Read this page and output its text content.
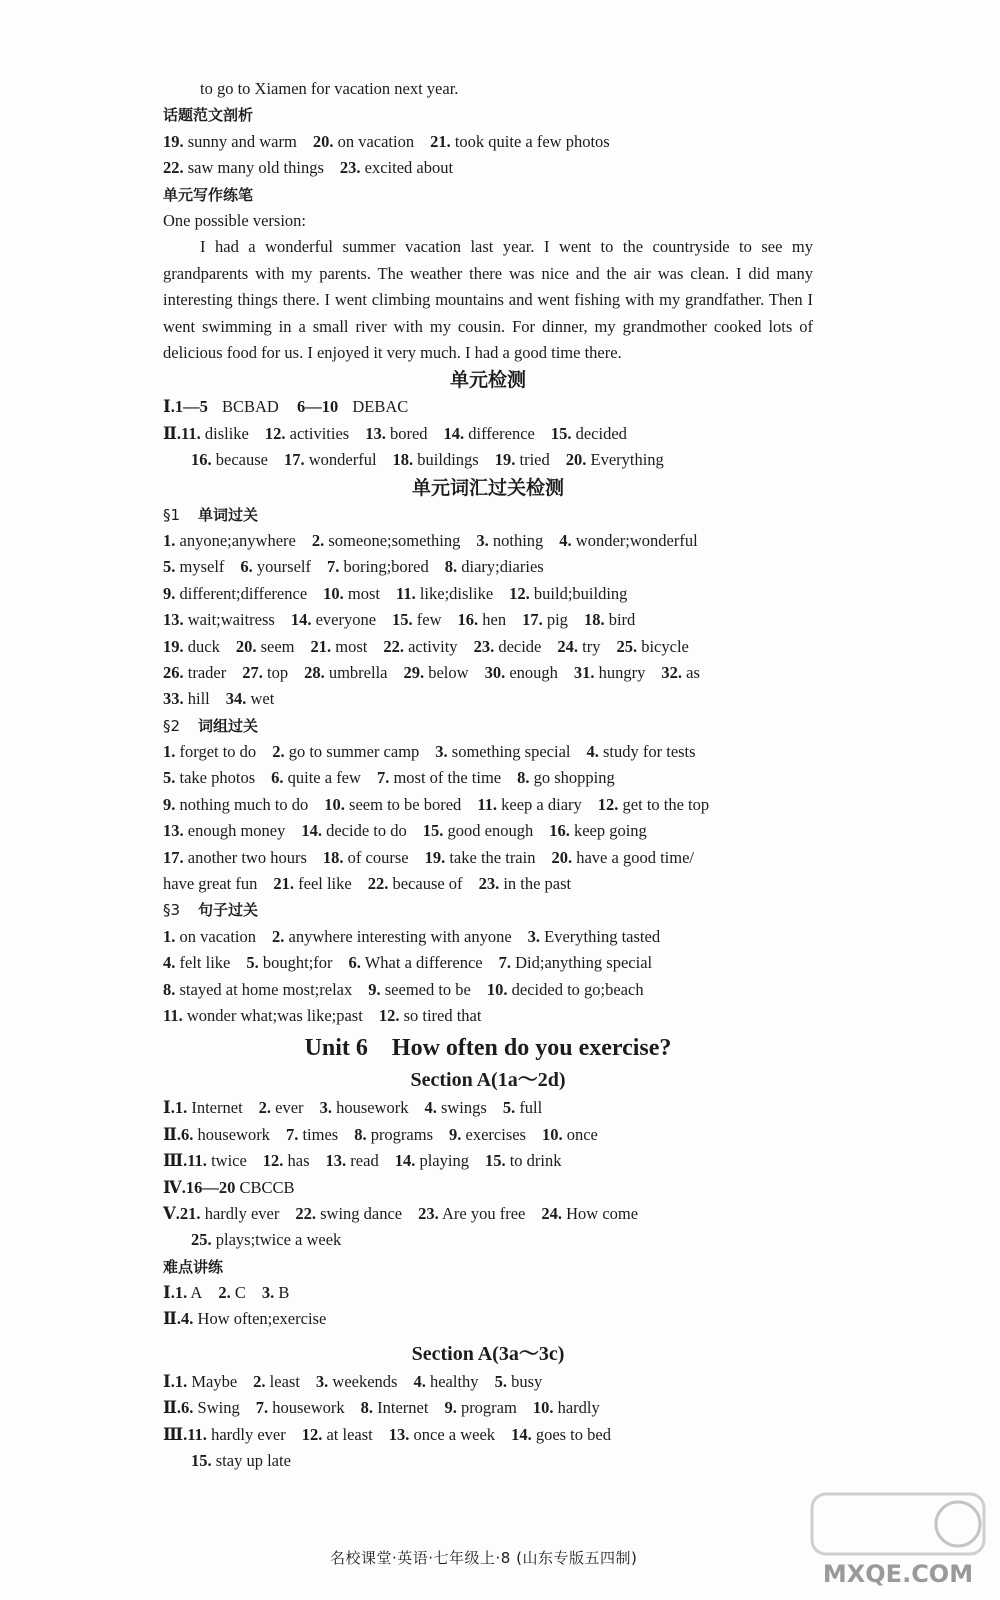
to go to Xiamen for vacation next year.
话题范文剖析
19. sunny and warm 20. on vacation 21. took quite a few photos
22. saw many old things 23. excited about
单元写作练笔
One possible version:

I had a wonderful summer vacation last year. I went to the countryside to see my grandparents with my parents. The weather there was nice and the air was clean. I did many interesting things there. I went climbing mountains and went fishing with my grandfather. Then I went swimming in a small river with my cousin. For dinner, my grandmother cooked lots of delicious food for us. I enjoyed it very much. I had a good time there.

单元检测
Ⅰ.1—5 BCBAD 6—10 DEBAC
Ⅱ.11. dislike 12. activities 13. bored 14. difference 15. decided
16. because 17. wonderful 18. buildings 19. tried 20. Everything
单元词汇过关检测
§1 单词过关
1. anyone;anywhere 2. someone;something 3. nothing 4. wonder;wonderful
5. myself 6. yourself 7. boring;bored 8. diary;diaries
9. different;difference 10. most 11. like;dislike 12. build;building
13. wait;waitress 14. everyone 15. few 16. hen 17. pig 18. bird
19. duck 20. seem 21. most 22. activity 23. decide 24. try 25. bicycle
26. trader 27. top 28. umbrella 29. below 30. enough 31. hungry 32. as
33. hill 34. wet
§2 词组过关
1. forget to do 2. go to summer camp 3. something special 4. study for tests
5. take photos 6. quite a few 7. most of the time 8. go shopping
9. nothing much to do 10. seem to be bored 11. keep a diary 12. get to the top
13. enough money 14. decide to do 15. good enough 16. keep going
17. another two hours 18. of course 19. take the train 20. have a good time/
have great fun 21. feel like 22. because of 23. in the past
§3 句子过关
1. on vacation 2. anywhere interesting with anyone 3. Everything tasted
4. felt like 5. bought;for 6. What a difference 7. Did;anything special
8. stayed at home most;relax 9. seemed to be 10. decided to go;beach
11. wonder what;was like;past 12. so tired that
Unit 6    How often do you exercise?
Section A(1a～2d)
Ⅰ.1. Internet 2. ever 3. housework 4. swings 5. full
Ⅱ.6. housework 7. times 8. programs 9. exercises 10. once
Ⅲ.11. twice 12. has 13. read 14. playing 15. to drink
Ⅳ.16—20 CBCCB
Ⅴ.21. hardly ever 22. swing dance 23. Are you free 24. How come
25. plays;twice a week
难点讲练
Ⅰ.1. A 2. C 3. B
Ⅱ.4. How often;exercise
Section A(3a～3c)
Ⅰ.1. Maybe 2. least 3. weekends 4. healthy 5. busy
Ⅱ.6. Swing 7. housework 8. Internet 9. program 10. hardly
Ⅲ.11. hardly ever 12. at least 13. once a week 14. goes to bed
15. stay up late
名校课堂·英语·七年级上·8 (山东专版五四制)
MXQE.COM
